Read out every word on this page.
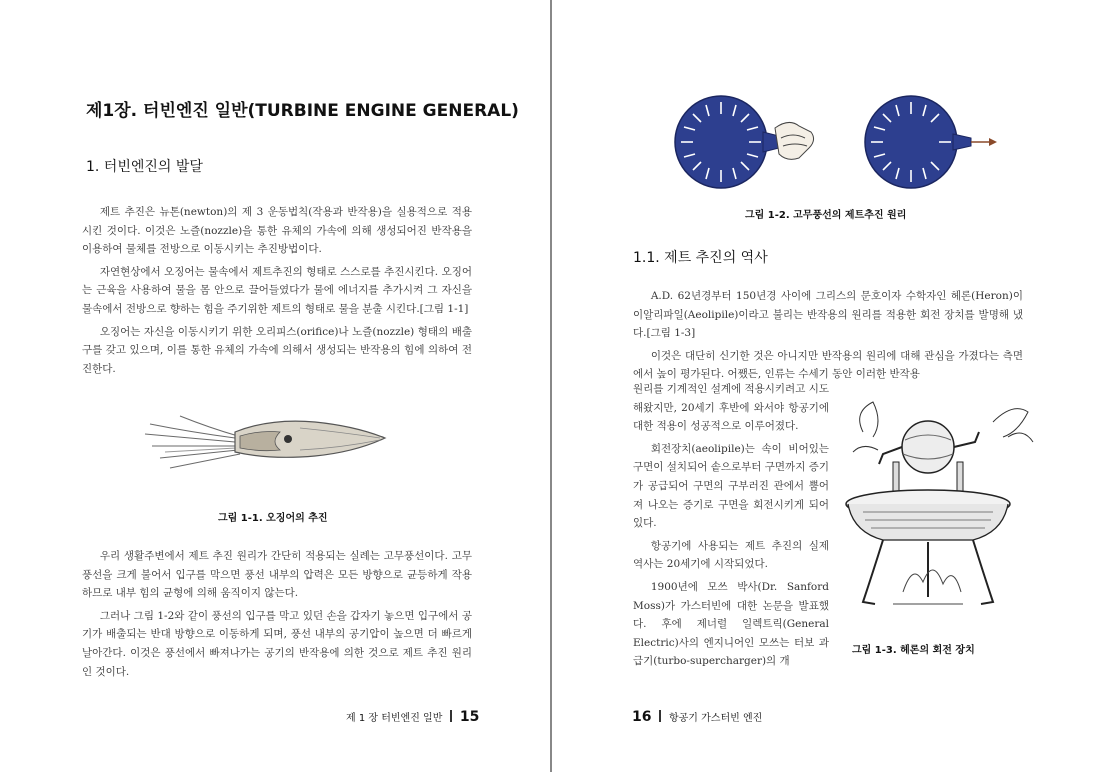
제1장. 터빈엔진 일반(TURBINE ENGINE GENERAL)
1. 터빈엔진의 발달

제트 추진은 뉴톤(newton)의 제 3 운동법칙(작용과 반작용)을 실용적으로 적용시킨 것이다. 이것은 노즐(nozzle)을 통한 유체의 가속에 의해 생성되어진 반작용을 이용하여 물체를 전방으로 이동시키는 추진방법이다.

자연현상에서 오징어는 물속에서 제트추진의 형태로 스스로를 추진시킨다. 오징어는 근육을 사용하여 물을 몸 안으로 끌어들였다가 물에 에너지를 추가시켜 그 자신을 물속에서 전방으로 향하는 힘을 주기위한 제트의 형태로 물을 분출 시킨다.[그림 1-1]

오징어는 자신을 이동시키기 위한 오리피스(orifice)나 노즐(nozzle) 형태의 배출구를 갖고 있으며, 이를 통한 유체의 가속에 의해서 생성되는 반작용의 힘에 의하여 전진한다.

그림 1-1. 오징어의 추진

우리 생활주변에서 제트 추진 원리가 간단히 적용되는 실례는 고무풍선이다. 고무풍선을 크게 불어서 입구를 막으면 풍선 내부의 압력은 모든 방향으로 균등하게 작용하므로 내부 힘의 균형에 의해 움직이지 않는다.

그러나 그림 1-2와 같이 풍선의 입구를 막고 있던 손을 갑자기 놓으면 입구에서 공기가 배출되는 반대 방향으로 이동하게 되며, 풍선 내부의 공기압이 높으면 더 빠르게 날아간다. 이것은 풍선에서 빠져나가는 공기의 반작용에 의한 것으로 제트 추진 원리인 것이다.

제 1 장 터빈엔진 일반 15
그림 1-2. 고무풍선의 제트추진 원리
1.1. 제트 추진의 역사

A.D. 62년경부터 150년경 사이에 그리스의 문호이자 수학자인 헤론(Heron)이 이알리파일(Aeolipile)이라고 불리는 반작용의 원리를 적용한 회전 장치를 발명해 냈다.[그림 1-3]

이것은 대단히 신기한 것은 아니지만 반작용의 원리에 대해 관심을 가졌다는 측면에서 높이 평가된다. 어쨌든, 인류는 수세기 동안 이러한 반작용

원리를 기계적인 설계에 적용시키려고 시도해왔지만, 20세기 후반에 와서야 항공기에 대한 적용이 성공적으로 이루어졌다.

회전장치(aeolipile)는 속이 비어있는 구면이 설치되어 솥으로부터 구면까지 증기가 공급되어 구면의 구부러진 관에서 뿜어져 나오는 증기로 구면을 회전시키게 되어있다.

항공기에 사용되는 제트 추진의 실제 역사는 20세기에 시작되었다.

1900년에 모쓰 박사(Dr. Sanford Moss)가 가스터빈에 대한 논문을 발표했다. 후에 제너럴 일렉트릭(General Electric)사의 엔지니어인 모쓰는 터보 과급기(turbo-supercharger)의 개

그림 1-3. 헤론의 회전 장치
16 항공기 가스터빈 엔진
